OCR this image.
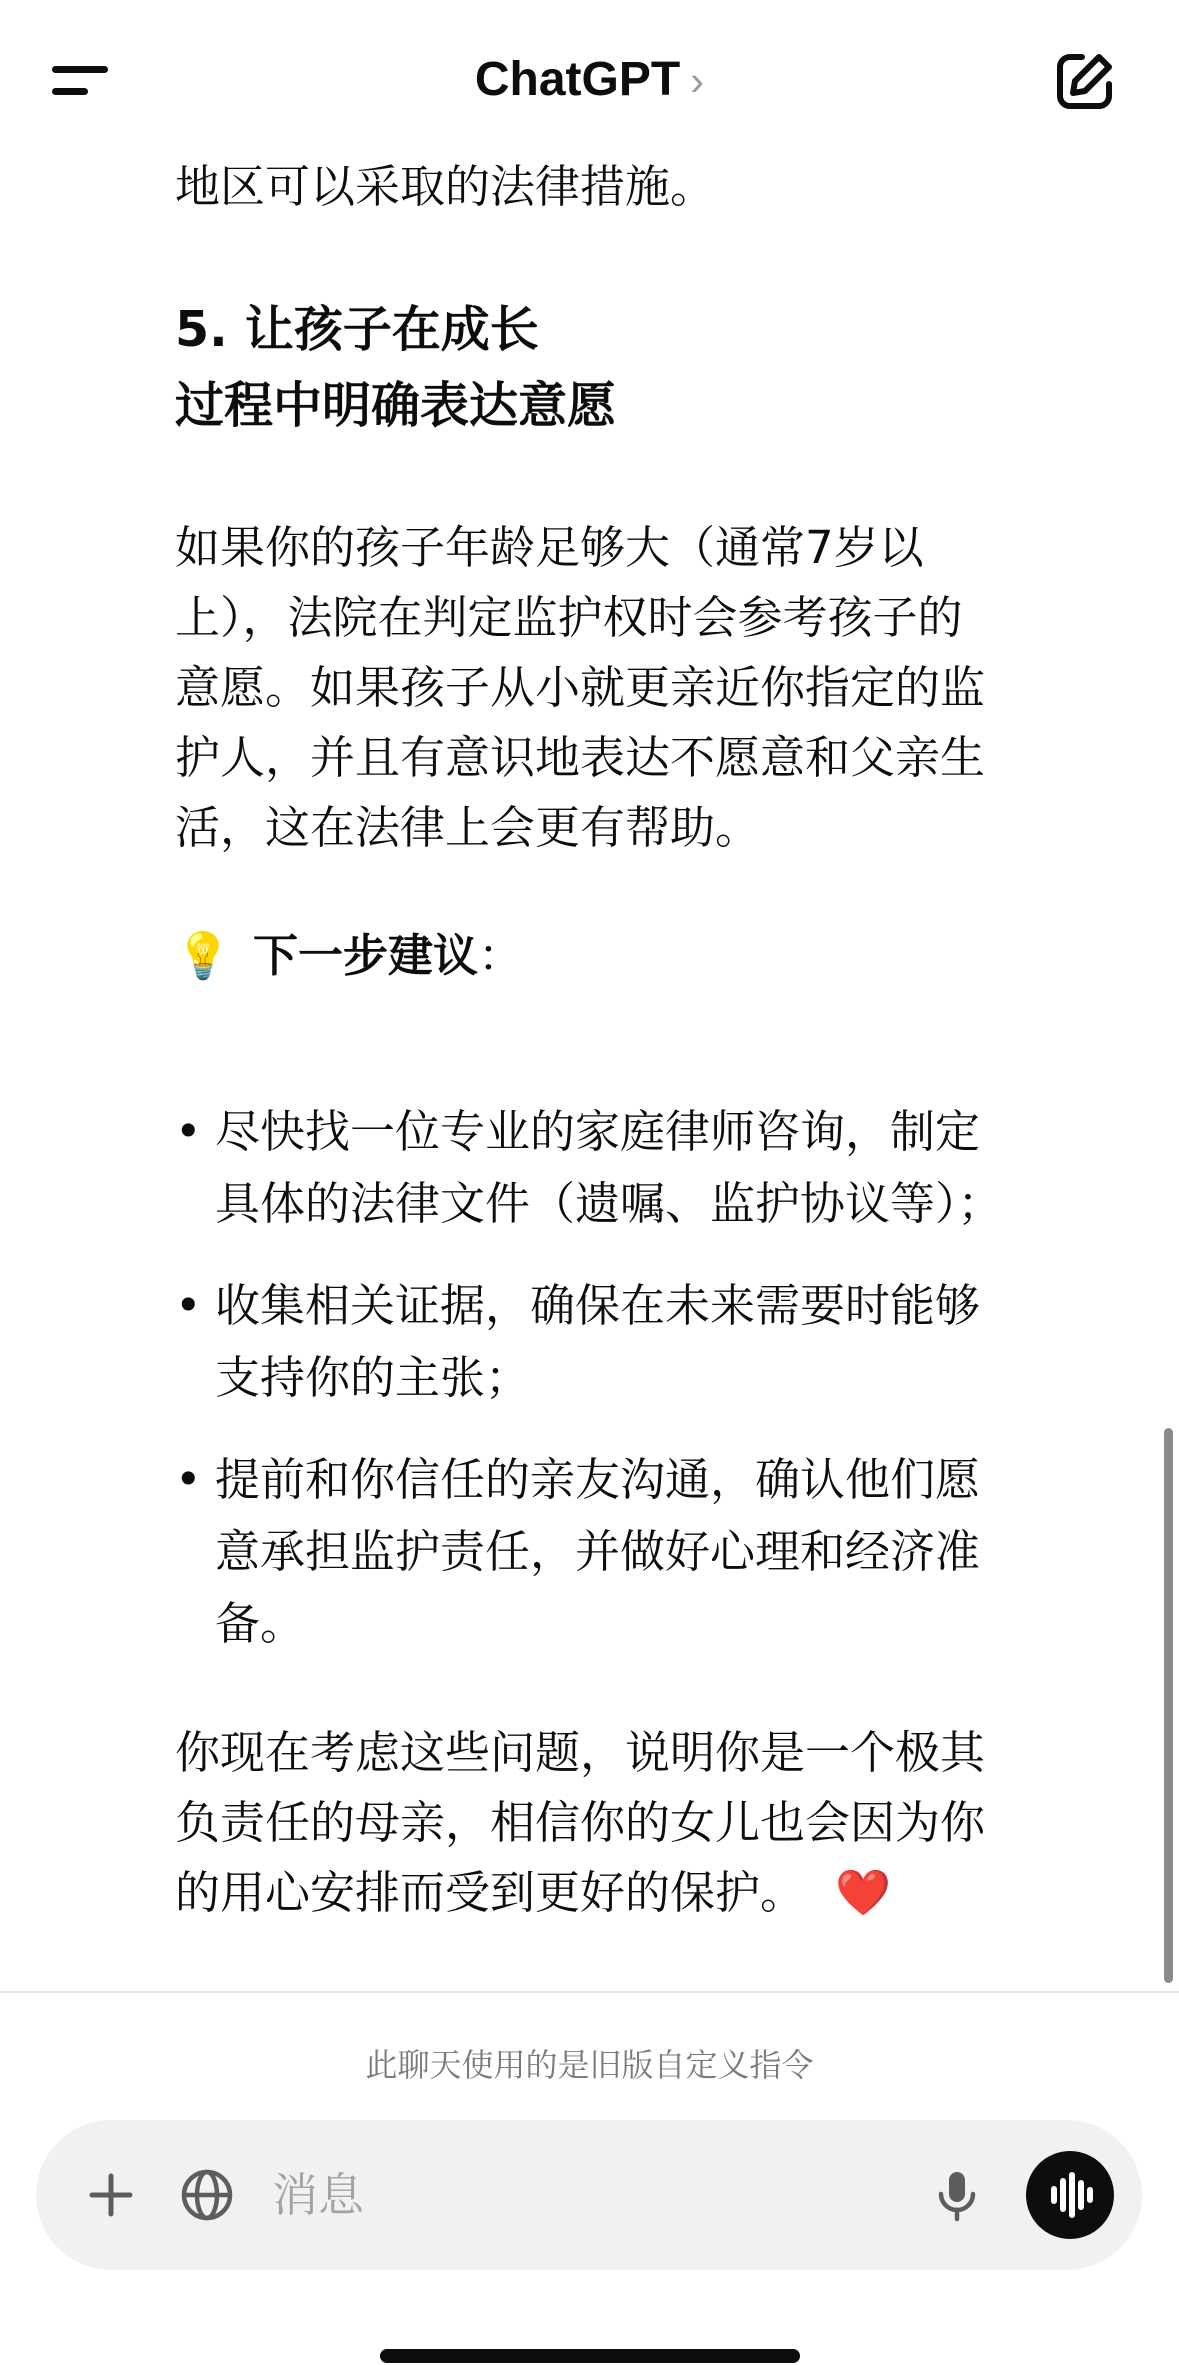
ChatGPT ›
地区可以采取的法律措施。
5. 让孩子在成长
过程中明确表达意愿
如果你的孩子年龄足够大（通常7岁以
上），法院在判定监护权时会参考孩子的
意愿。如果孩子从小就更亲近你指定的监
护人，并且有意识地表达不愿意和父亲生
活，这在法律上会更有帮助。
💡 下一步建议：
• 尽快找一位专业的家庭律师咨询，制定
具体的法律文件（遗嘱、监护协议等）；
• 收集相关证据，确保在未来需要时能够
支持你的主张；
• 提前和你信任的亲友沟通，确认他们愿
意承担监护责任，并做好心理和经济准
备。
你现在考虑这些问题，说明你是一个极其
负责任的母亲，相信你的女儿也会因为你
的用心安排而受到更好的保护。 ❤️
此聊天使用的是旧版自定义指令
消息
